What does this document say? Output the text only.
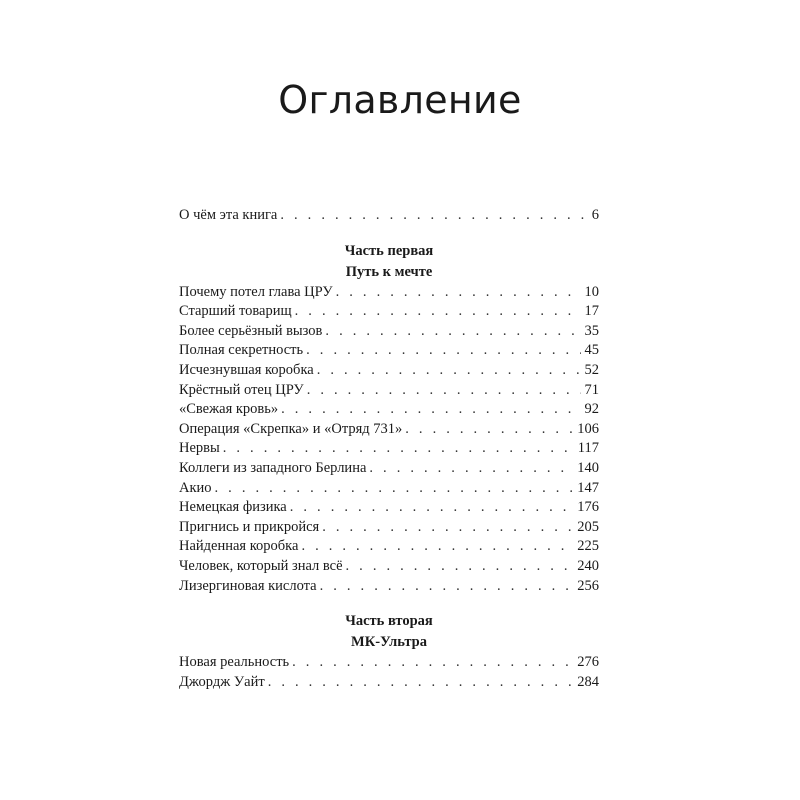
Оглавление
О чём эта книга . . .	6
Часть первая
Путь к мечте
Почему потел глава ЦРУ . . .	10
Старший товарищ . . .	17
Более серьёзный вызов . . .	35
Полная секретность . . .	45
Исчезнувшая коробка . . .	52
Крёстный отец ЦРУ . . .	71
«Свежая кровь» . . .	92
Операция «Скрепка» и «Отряд 731» . . .	106
Нервы . . .	117
Коллеги из западного Берлина . . .	140
Акио . . .	147
Немецкая физика . . .	176
Пригнись и прикройся . . .	205
Найденная коробка . . .	225
Человек, который знал всё . . .	240
Лизергиновая кислота . . .	256
Часть вторая
МК-Ультра
Новая реальность . . .	276
Джордж Уайт . . .	284
